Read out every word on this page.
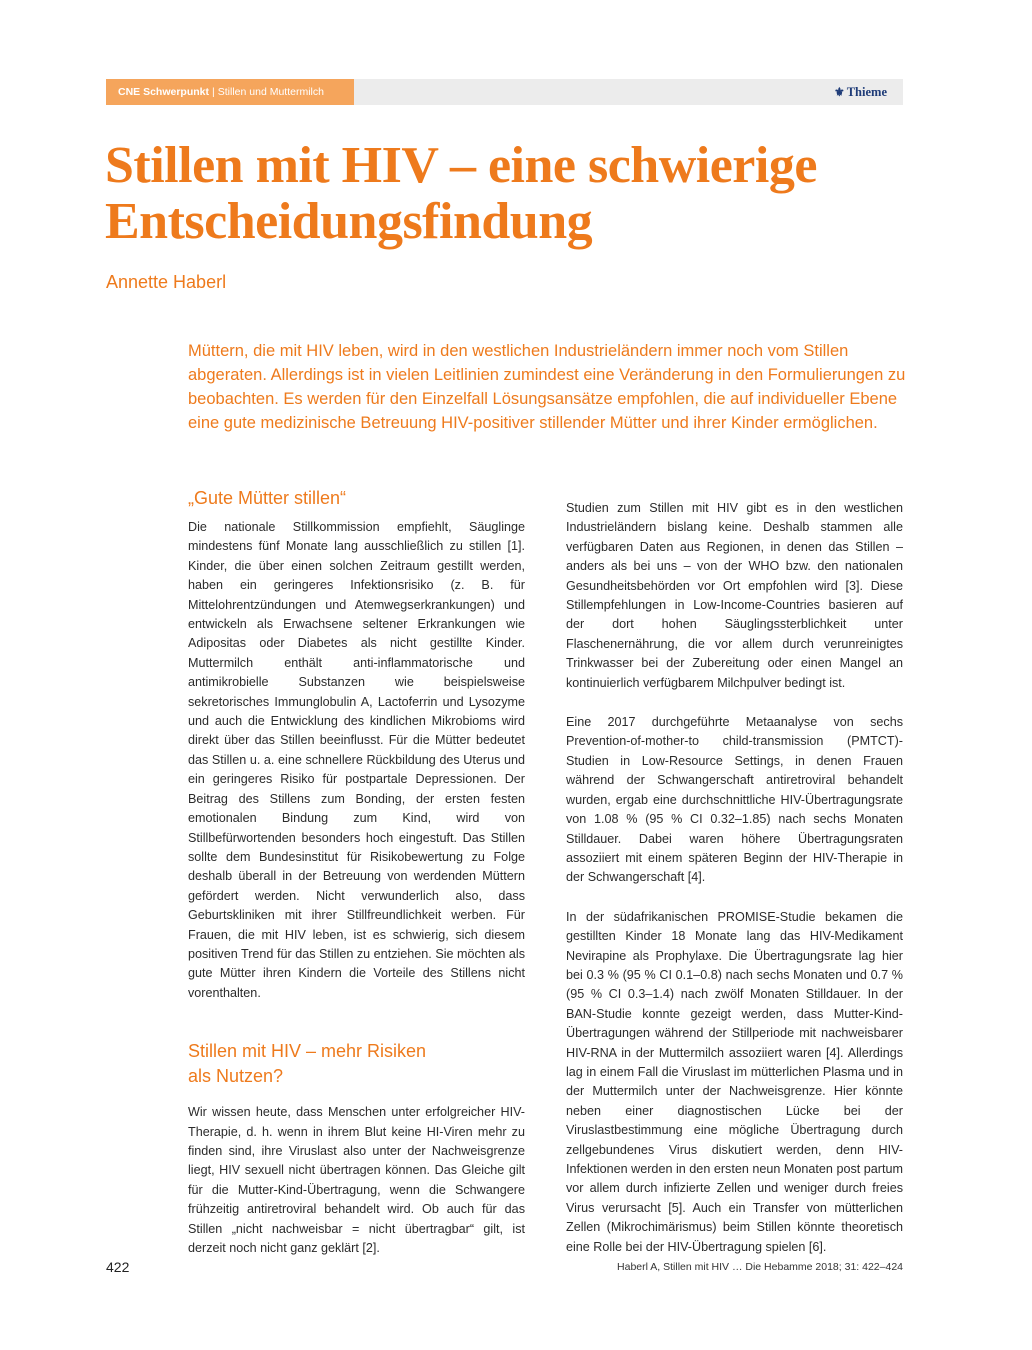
CNE Schwerpunkt | Stillen und Muttermilch	⚜ Thieme
Stillen mit HIV – eine schwierige Entscheidungsfindung
Annette Haberl

Müttern, die mit HIV leben, wird in den westlichen Industrieländern immer noch vom Stillen abgeraten. Allerdings ist in vielen Leitlinien zumindest eine Veränderung in den Formulierungen zu beobachten. Es werden für den Einzelfall Lösungsansätze empfohlen, die auf individueller Ebene eine gute medizinische Betreuung HIV-positiver stillender Mütter und ihrer Kinder ermöglichen.

„Gute Mütter stillen“

Die nationale Stillkommission empfiehlt, Säuglinge mindestens fünf Monate lang ausschließlich zu stillen [1]. Kinder, die über einen solchen Zeitraum gestillt werden, haben ein geringeres Infektionsrisiko (z. B. für Mittelohrentzündungen und Atemwegserkrankungen) und entwickeln als Erwachsene seltener Erkrankungen wie Adipositas oder Diabetes als nicht gestillte Kinder. Muttermilch enthält anti-inflammatorische und antimikrobielle Substanzen wie beispielsweise sekretorisches Immunglobulin A, Lactoferrin und Lysozyme und auch die Entwicklung des kindlichen Mikrobioms wird direkt über das Stillen beeinflusst. Für die Mütter bedeutet das Stillen u. a. eine schnellere Rückbildung des Uterus und ein geringeres Risiko für postpartale Depressionen. Der Beitrag des Stillens zum Bonding, der ersten festen emotionalen Bindung zum Kind, wird von Stillbefürwortenden besonders hoch eingestuft. Das Stillen sollte dem Bundesinstitut für Risikobewertung zu Folge deshalb überall in der Betreuung von werdenden Müttern gefördert werden. Nicht verwunderlich also, dass Geburtskliniken mit ihrer Stillfreundlichkeit werben. Für Frauen, die mit HIV leben, ist es schwierig, sich diesem positiven Trend für das Stillen zu entziehen. Sie möchten als gute Mütter ihren Kindern die Vorteile des Stillens nicht vorenthalten.

Stillen mit HIV – mehr Risiken
als Nutzen?

Wir wissen heute, dass Menschen unter erfolgreicher HIV-Therapie, d. h. wenn in ihrem Blut keine HI-Viren mehr zu finden sind, ihre Viruslast also unter der Nachweisgrenze liegt, HIV sexuell nicht übertragen können. Das Gleiche gilt für die Mutter-Kind-Übertragung, wenn die Schwangere frühzeitig antiretroviral behandelt wird. Ob auch für das Stillen „nicht nachweisbar = nicht übertragbar“ gilt, ist derzeit noch nicht ganz geklärt [2].

Studien zum Stillen mit HIV gibt es in den westlichen Industrieländern bislang keine. Deshalb stammen alle verfügbaren Daten aus Regionen, in denen das Stillen – anders als bei uns – von der WHO bzw. den nationalen Gesundheitsbehörden vor Ort empfohlen wird [3]. Diese Stillempfehlungen in Low-Income-Countries basieren auf der dort hohen Säuglingssterblichkeit unter Flaschenernährung, die vor allem durch verunreinigtes Trinkwasser bei der Zubereitung oder einen Mangel an kontinuierlich verfügbarem Milchpulver bedingt ist.

Eine 2017 durchgeführte Metaanalyse von sechs Prevention-of-mother-to child-transmission (PMTCT)-Studien in Low-Resource Settings, in denen Frauen während der Schwangerschaft antiretroviral behandelt wurden, ergab eine durchschnittliche HIV-Übertragungsrate von 1.08 % (95 % CI 0.32–1.85) nach sechs Monaten Stilldauer. Dabei waren höhere Übertragungsraten assoziiert mit einem späteren Beginn der HIV-Therapie in der Schwangerschaft [4].

In der südafrikanischen PROMISE-Studie bekamen die gestillten Kinder 18 Monate lang das HIV-Medikament Nevirapine als Prophylaxe. Die Übertragungsrate lag hier bei 0.3 % (95 % CI 0.1–0.8) nach sechs Monaten und 0.7 % (95 % CI 0.3–1.4) nach zwölf Monaten Stilldauer. In der BAN-Studie konnte gezeigt werden, dass Mutter-Kind-Übertragungen während der Stillperiode mit nachweisbarer HIV-RNA in der Muttermilch assoziiert waren [4]. Allerdings lag in einem Fall die Viruslast im mütterlichen Plasma und in der Muttermilch unter der Nachweisgrenze. Hier könnte neben einer diagnostischen Lücke bei der Viruslastbestimmung eine mögliche Übertragung durch zellgebundenes Virus diskutiert werden, denn HIV-Infektionen werden in den ersten neun Monaten post partum vor allem durch infizierte Zellen und weniger durch freies Virus verursacht [5]. Auch ein Transfer von mütterlichen Zellen (Mikrochimärismus) beim Stillen könnte theoretisch eine Rolle bei der HIV-Übertragung spielen [6].

422	Haberl A, Stillen mit HIV … Die Hebamme 2018; 31: 422–424
